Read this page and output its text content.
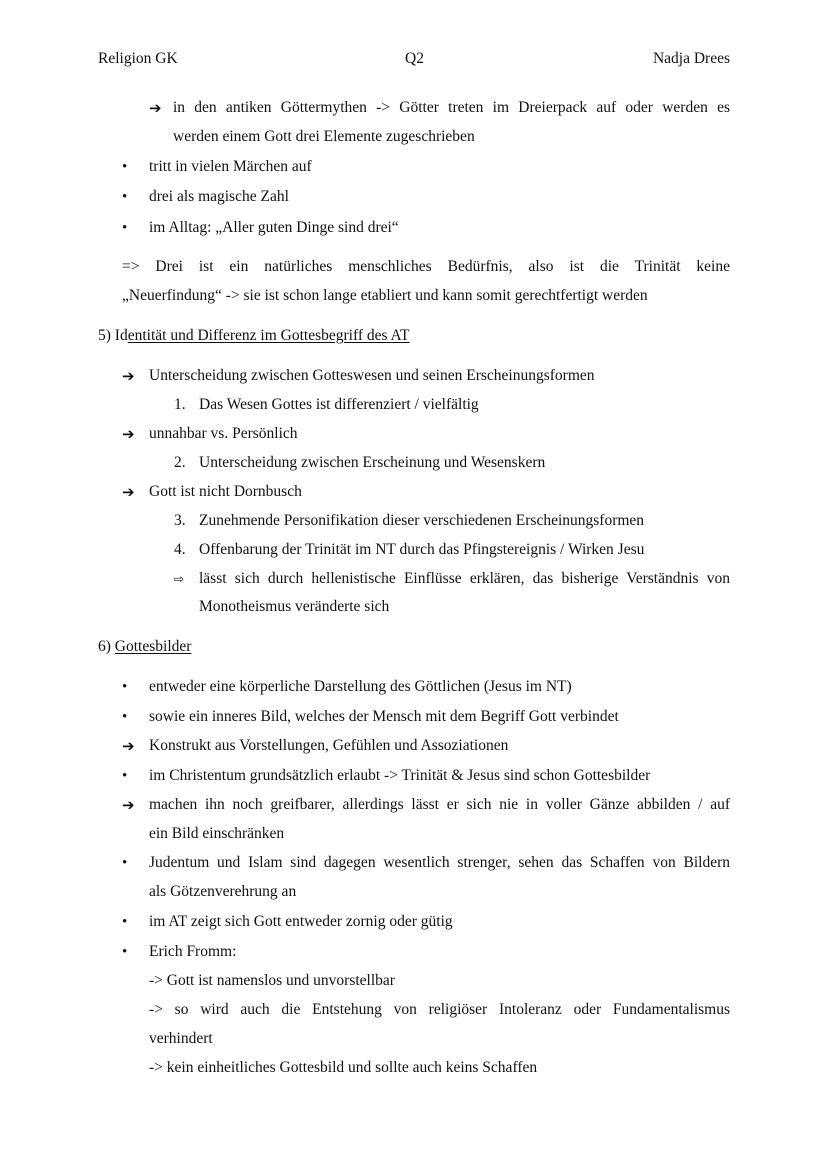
Religion GK	Q2	Nadja Drees
➔ in den antiken Göttermythen -> Götter treten im Dreierpack auf oder werden es
werden einem Gott drei Elemente zugeschrieben
• tritt in vielen Märchen auf
• drei als magische Zahl
• im Alltag: „Aller guten Dinge sind drei“
=> Drei ist ein natürliches menschliches Bedürfnis, also ist die Trinität keine
„Neuerfindung“ -> sie ist schon lange etabliert und kann somit gerechtfertigt werden
5) Identität und Differenz im Gottesbegriff des AT
➔ Unterscheidung zwischen Gotteswesen und seinen Erscheinungsformen
1. Das Wesen Gottes ist differenziert / vielfältig
➔ unnahbar vs. Persönlich
2. Unterscheidung zwischen Erscheinung und Wesenskern
➔ Gott ist nicht Dornbusch
3. Zunehmende Personifikation dieser verschiedenen Erscheinungsformen
4. Offenbarung der Trinität im NT durch das Pfingstereignis / Wirken Jesu
⇨ lässt sich durch hellenistische Einflüsse erklären, das bisherige Verständnis von
Monotheismus veränderte sich
6) Gottesbilder
• entweder eine körperliche Darstellung des Göttlichen (Jesus im NT)
• sowie ein inneres Bild, welches der Mensch mit dem Begriff Gott verbindet
➔ Konstrukt aus Vorstellungen, Gefühlen und Assoziationen
• im Christentum grundsätzlich erlaubt -> Trinität & Jesus sind schon Gottesbilder
➔ machen ihn noch greifbarer, allerdings lässt er sich nie in voller Gänze abbilden / auf
ein Bild einschränken
• Judentum und Islam sind dagegen wesentlich strenger, sehen das Schaffen von Bildern
als Götzenverehrung an
• im AT zeigt sich Gott entweder zornig oder gütig
• Erich Fromm:
-> Gott ist namenslos und unvorstellbar
-> so wird auch die Entstehung von religiöser Intoleranz oder Fundamentalismus
verhindert
-> kein einheitliches Gottesbild und sollte auch keins Schaffen
